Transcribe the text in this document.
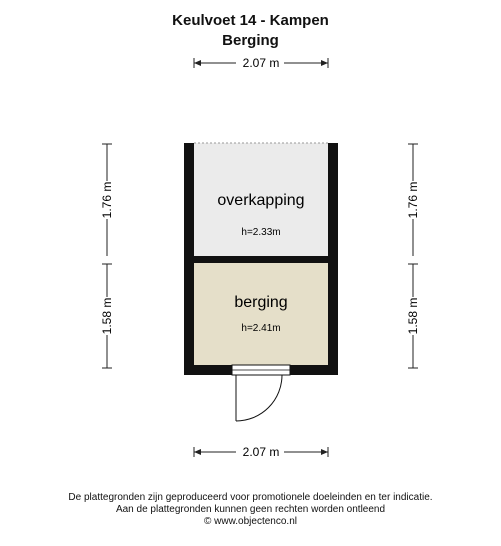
Keulvoet 14 - Kampen
Berging
2.07 m
2.07 m
1.76 m
1.58 m
1.76 m
1.58 m
overkapping
h=2.33m
berging
h=2.41m
De plattegronden zijn geproduceerd voor promotionele doeleinden en ter indicatie.
Aan de plattegronden kunnen geen rechten worden ontleend
© www.objectenco.nl
